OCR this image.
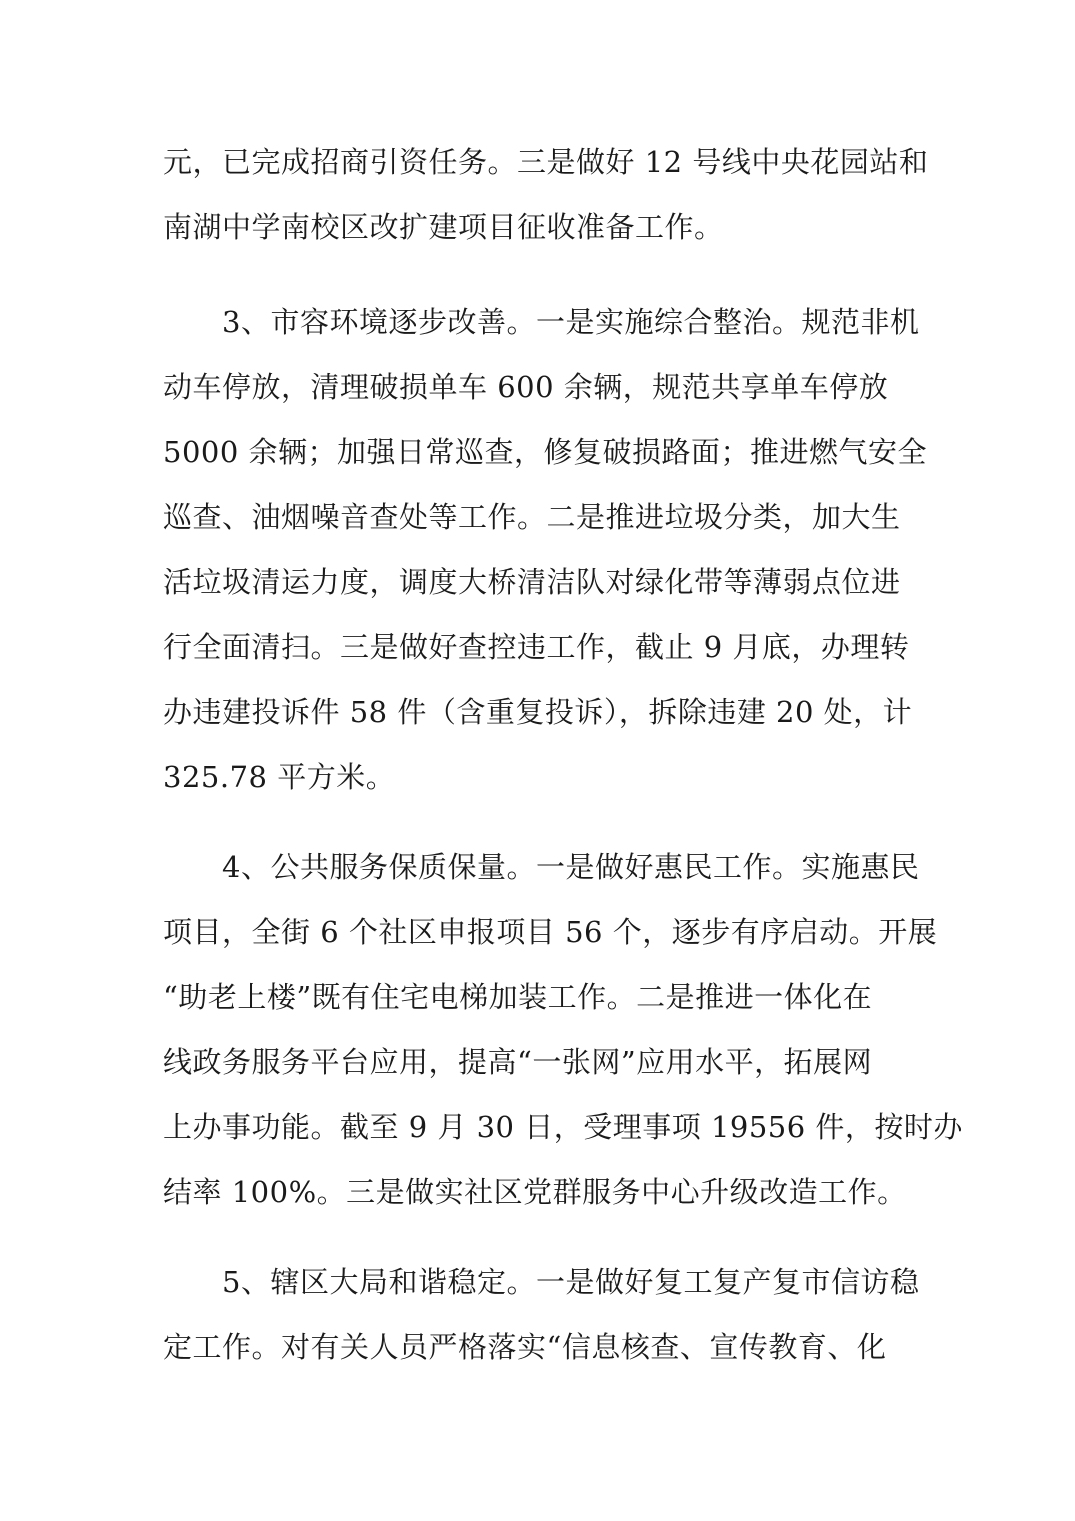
元，已完成招商引资任务。三是做好 12 号线中央花园站和
南湖中学南校区改扩建项目征收准备工作。
　　3、市容环境逐步改善。一是实施综合整治。规范非机
动车停放，清理破损单车 600 余辆，规范共享单车停放
5000 余辆；加强日常巡查，修复破损路面；推进燃气安全
巡查、油烟噪音查处等工作。二是推进垃圾分类，加大生
活垃圾清运力度，调度大桥清洁队对绿化带等薄弱点位进
行全面清扫。三是做好查控违工作，截止 9 月底，办理转
办违建投诉件 58 件（含重复投诉），拆除违建 20 处，计
325.78 平方米。
　　4、公共服务保质保量。一是做好惠民工作。实施惠民
项目，全街 6 个社区申报项目 56 个，逐步有序启动。开展
“助老上楼”既有住宅电梯加装工作。二是推进一体化在
线政务服务平台应用，提高“一张网”应用水平，拓展网
上办事功能。截至 9 月 30 日，受理事项 19556 件，按时办
结率 100%。三是做实社区党群服务中心升级改造工作。
　　5、辖区大局和谐稳定。一是做好复工复产复市信访稳
定工作。对有关人员严格落实“信息核查、宣传教育、化
